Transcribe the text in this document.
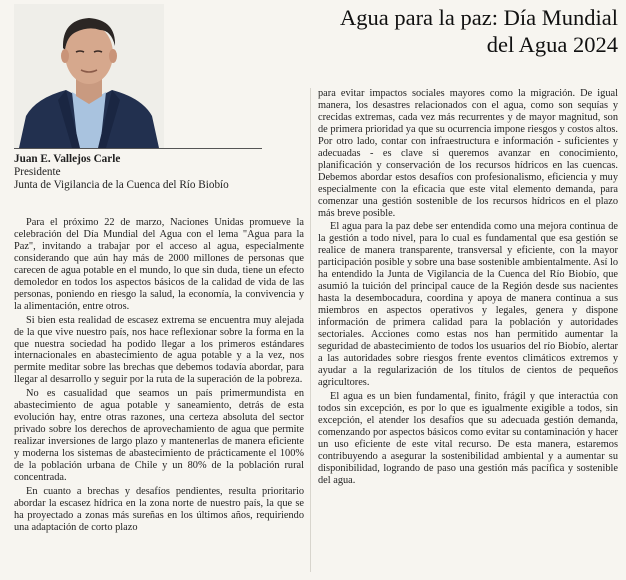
Juan E. Vallejos Carle
Presidente
Junta de Vigilancia de la Cuenca del Río Biobío
Agua para la paz: Día Mundial
del Agua 2024

Para el próximo 22 de marzo, Naciones Unidas promueve la celebración del Día Mundial del Agua con el lema "Agua para la Paz", invitando a trabajar por el acceso al agua, especialmente considerando que aún hay más de 2000 millones de personas que carecen de agua potable en el mundo, lo que sin duda, tiene un efecto demoledor en todos los aspectos básicos de la calidad de vida de las personas, poniendo en riesgo la salud, la economía, la convivencia y la alimentación, entre otros.

Si bien esta realidad de escasez extrema se encuentra muy alejada de la que vive nuestro país, nos hace reflexionar sobre la forma en la que nuestra sociedad ha podido llegar a los primeros estándares internacionales en abastecimiento de agua potable y a la vez, nos permite meditar sobre las brechas que debemos todavía abordar, para llegar al desarrollo y seguir por la ruta de la superación de la pobreza.

No es casualidad que seamos un país primermundista en abastecimiento de agua potable y saneamiento, detrás de esta evolución hay, entre otras razones, una certeza absoluta del sector privado sobre los derechos de aprovechamiento de agua que permite realizar inversiones de largo plazo y mantenerlas de manera eficiente y moderna los sistemas de abastecimiento de prácticamente el 100% de la población urbana de Chile y un 80% de la población rural concentrada.

En cuanto a brechas y desafíos pendientes, resulta prioritario abordar la escasez hídrica en la zona norte de nuestro país, la que se ha proyectado a zonas más sureñas en los últimos años, requiriendo una adaptación de corto plazo

para evitar impactos sociales mayores como la migración. De igual manera, los desastres relacionados con el agua, como son sequías y crecidas extremas, cada vez más recurrentes y de mayor magnitud, son de primera prioridad ya que su ocurrencia impone riesgos y costos altos. Por otro lado, contar con infraestructura e información - suficientes y adecuadas - es clave si queremos avanzar en conocimiento, planificación y conservación de los recursos hídricos en las cuencas. Debemos abordar estos desafíos con profesionalismo, eficiencia y muy especialmente con la eficacia que este vital elemento demanda, para comenzar una gestión sostenible de los recursos hídricos en el plazo más breve posible.

El agua para la paz debe ser entendida como una mejora continua de la gestión a todo nivel, para lo cual es fundamental que esa gestión se realice de manera transparente, transversal y eficiente, con la mayor participación posible y sobre una base sostenible ambientalmente. Así lo ha entendido la Junta de Vigilancia de la Cuenca del Río Biobío, que asumió la tuición del principal cauce de la Región desde sus nacientes hasta la desembocadura, coordina y apoya de manera continua a sus miembros en aspectos operativos y legales, genera y dispone información de primera calidad para la población y autoridades sectoriales. Acciones como estas nos han permitido aumentar la seguridad de abastecimiento de todos los usuarios del río Biobío, alertar a las autoridades sobre riesgos frente eventos climáticos extremos y ayudar a la regularización de los títulos de cientos de pequeños agricultores.

El agua es un bien fundamental, finito, frágil y que interactúa con todos sin excepción, es por lo que es igualmente exigible a todos, sin excepción, el atender los desafíos que su adecuada gestión demanda, comenzando por aspectos básicos como evitar su contaminación y hacer un uso eficiente de este vital recurso. De esta manera, estaremos contribuyendo a asegurar la sostenibilidad ambiental y a aumentar su disponibilidad, logrando de paso una gestión más pacífica y sostenible del agua.
